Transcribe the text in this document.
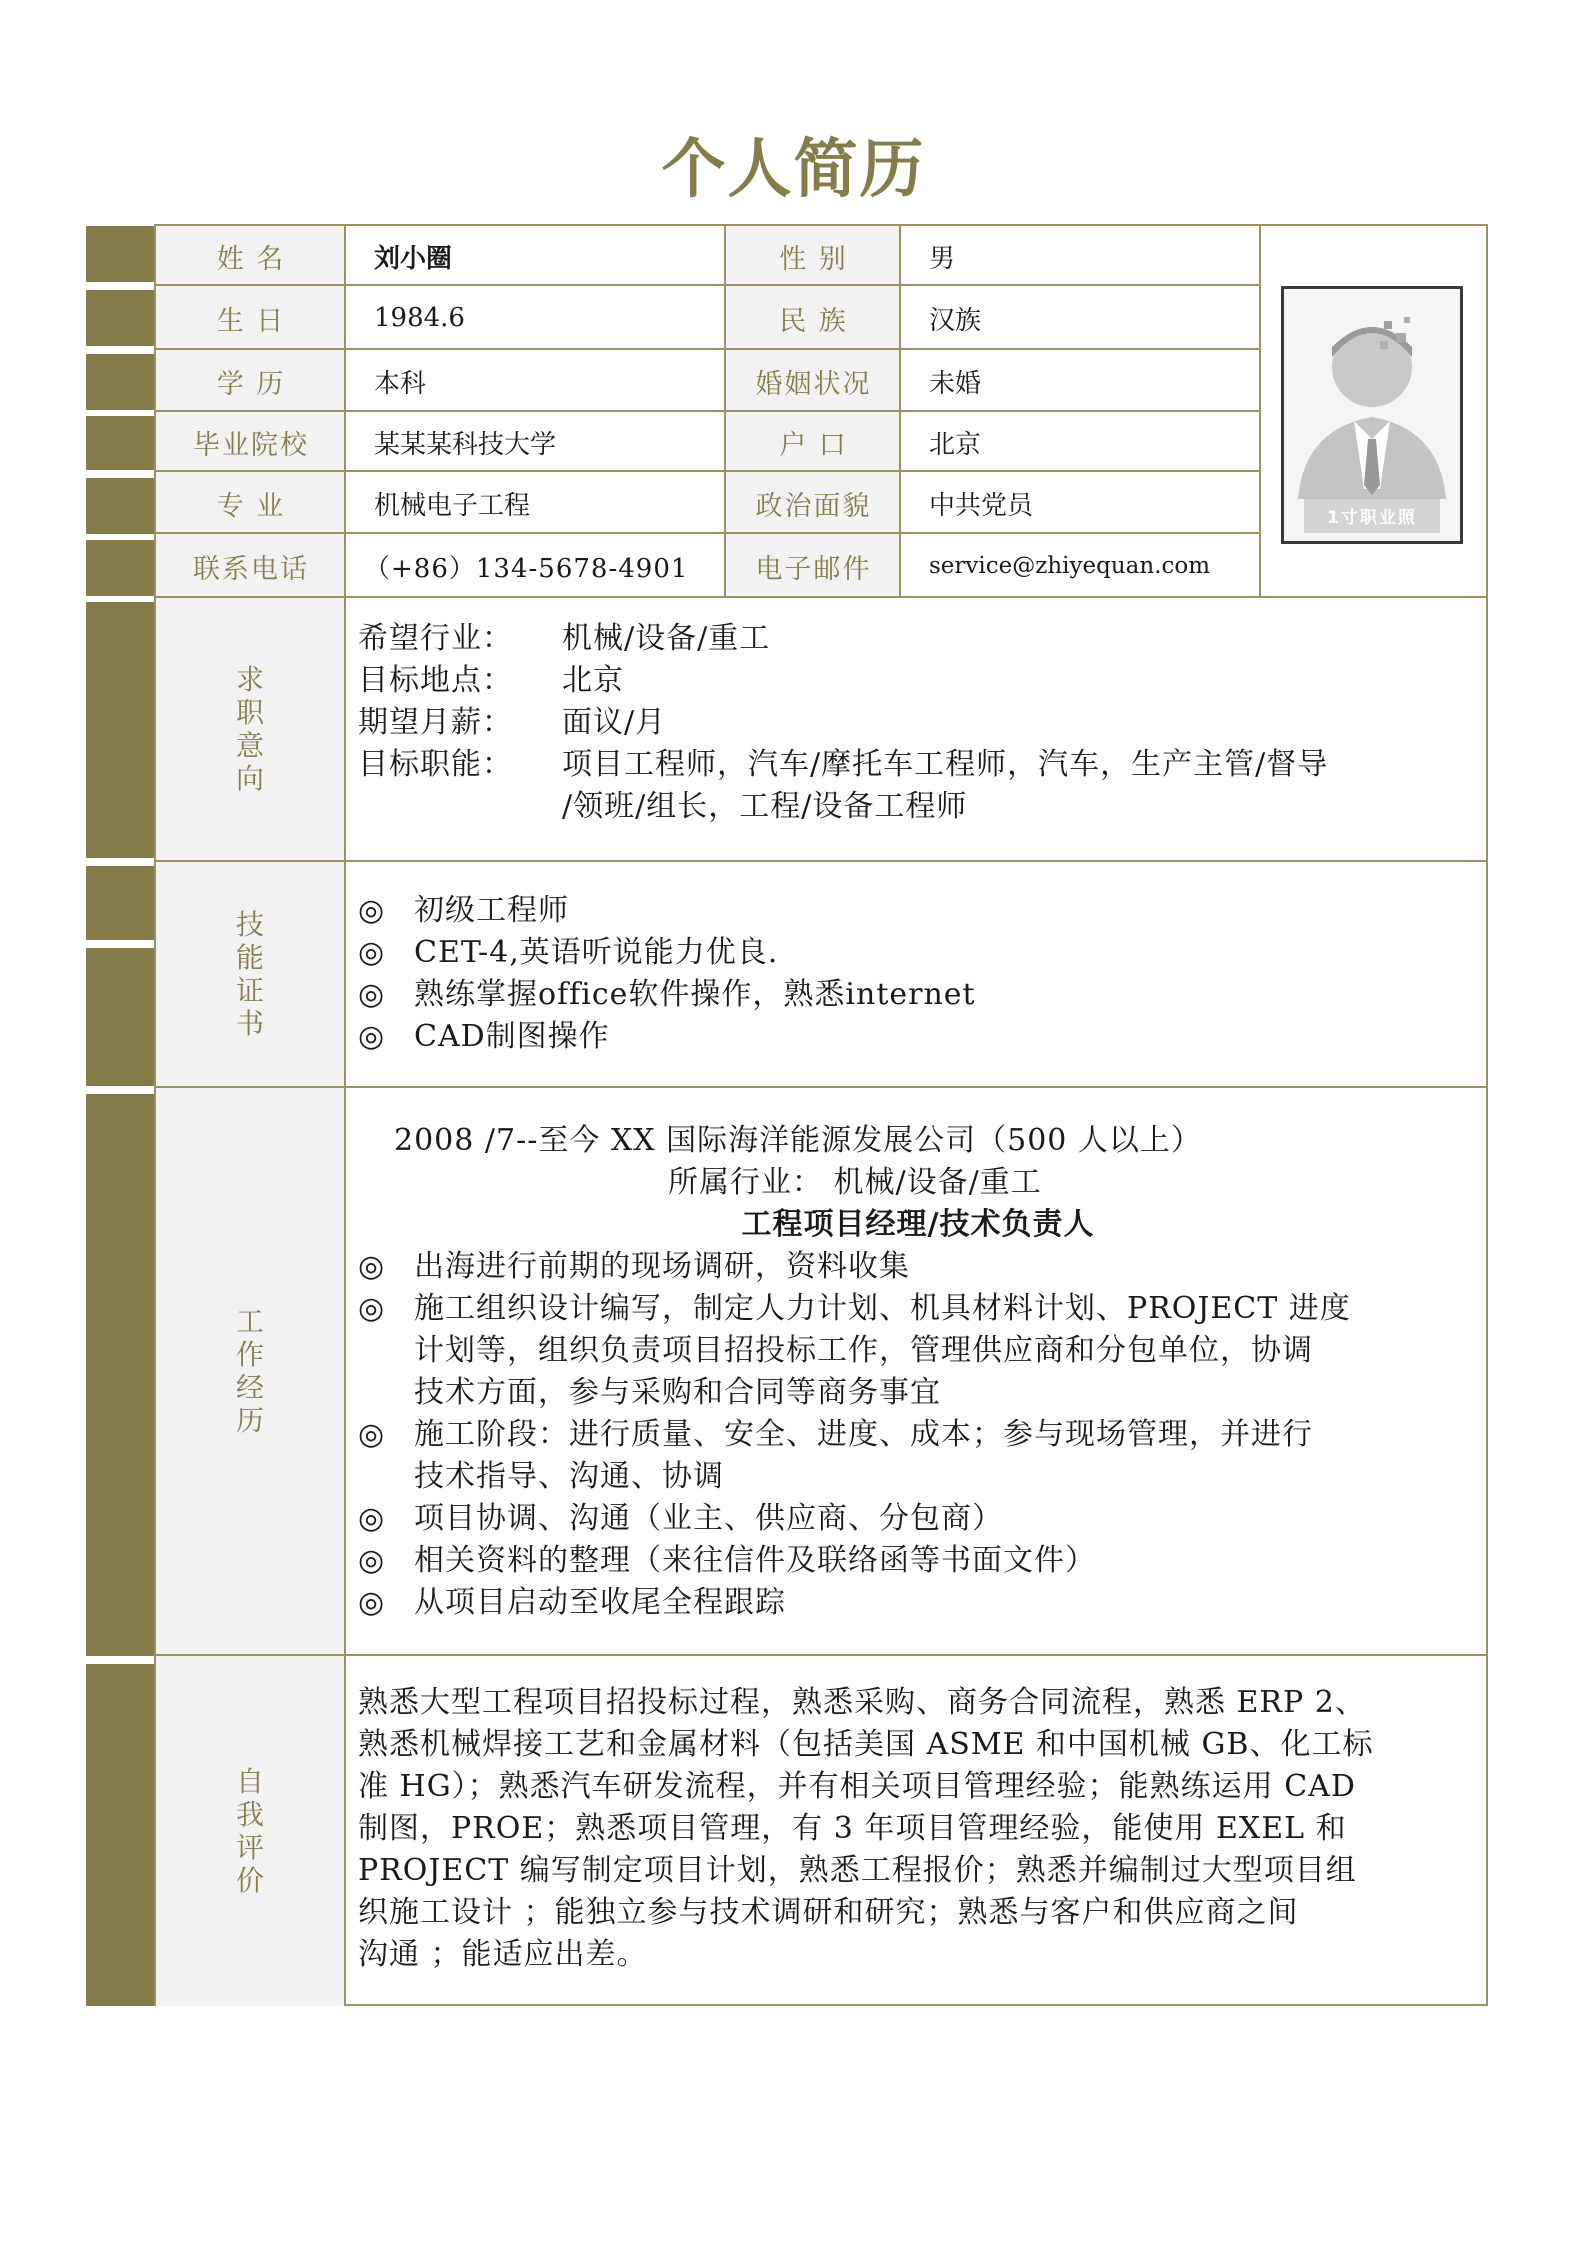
个人简历
姓 名	刘小圈	性 别	男
生 日	1984.6	民 族	汉族
学 历	本科	婚姻状况	未婚
毕业院校	某某某科技大学	户 口	北京
专 业	机械电子工程	政治面貌	中共党员
联系电话	（+86）134-5678-4901	电子邮件	service@zhiyequan.com
1寸职业照
求
职
意
向
希望行业：	机械/设备/重工
目标地点：	北京
期望月薪：	面议/月
目标职能：	项目工程师，汽车/摩托车工程师，汽车，生产主管/督导
/领班/组长，工程/设备工程师
技
能
证
书
◎ 初级工程师
◎ CET-4,英语听说能力优良.
◎ 熟练掌握office软件操作，熟悉internet
◎ CAD制图操作
工
作
经
历
2008 /7--至今 XX 国际海洋能源发展公司（500 人以上）
所属行业： 机械/设备/重工
工程项目经理/技术负责人
◎ 出海进行前期的现场调研，资料收集
◎ 施工组织设计编写，制定人力计划、机具材料计划、PROJECT 进度
计划等，组织负责项目招投标工作，管理供应商和分包单位，协调
技术方面，参与采购和合同等商务事宜
◎ 施工阶段：进行质量、安全、进度、成本；参与现场管理，并进行
技术指导、沟通、协调
◎ 项目协调、沟通（业主、供应商、分包商）
◎ 相关资料的整理（来往信件及联络函等书面文件）
◎ 从项目启动至收尾全程跟踪
自
我
评
价
熟悉大型工程项目招投标过程，熟悉采购、商务合同流程，熟悉 ERP 2、
熟悉机械焊接工艺和金属材料（包括美国 ASME 和中国机械 GB、化工标
准 HG）；熟悉汽车研发流程，并有相关项目管理经验；能熟练运用 CAD
制图，PROE；熟悉项目管理，有 3 年项目管理经验，能使用 EXEL 和
PROJECT 编写制定项目计划，熟悉工程报价；熟悉并编制过大型项目组
织施工设计 ；能独立参与技术调研和研究；熟悉与客户和供应商之间
沟通 ；能适应出差。
